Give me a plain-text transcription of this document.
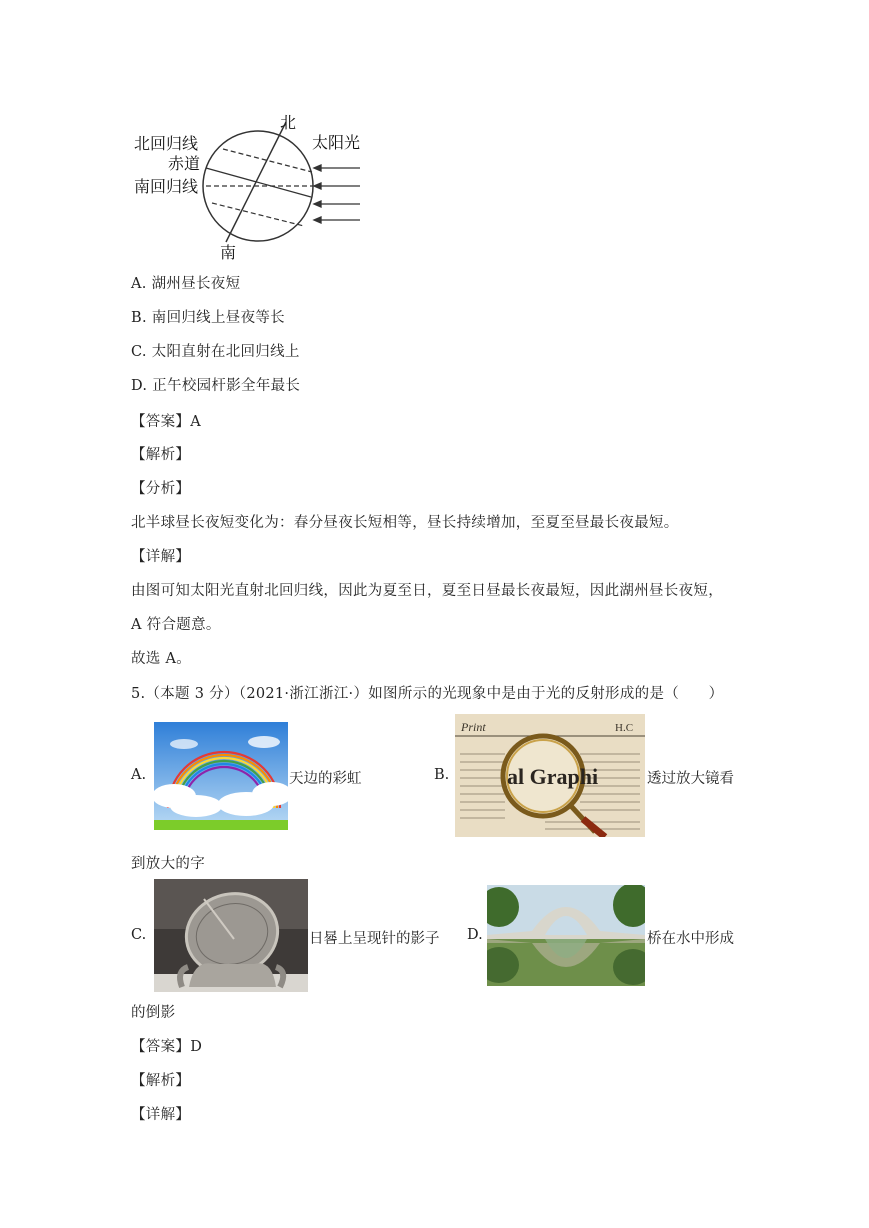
北
南
北回归线
赤道
南回归线
太阳光
A. 湖州昼长夜短
B. 南回归线上昼夜等长
C. 太阳直射在北回归线上
D. 正午校园杆影全年最长
【答案】A
【解析】
【分析】
北半球昼长夜短变化为：春分昼夜长短相等，昼长持续增加，至夏至昼最长夜最短。
【详解】
由图可知太阳光直射北回归线，因此为夏至日，夏至日昼最长夜最短，因此湖州昼长夜短，
A 符合题意。
故选 A。
5.（本题 3 分）（2021·浙江浙江·）如图所示的光现象中是由于光的反射形成的是（　　）
A.	天边的彩虹	B.
Print	H.C
al Graphi	透过放大镜看
到放大的字
C.	日晷上呈现针的影子 D.	桥在水中形成
的倒影
【答案】D
【解析】
【详解】
